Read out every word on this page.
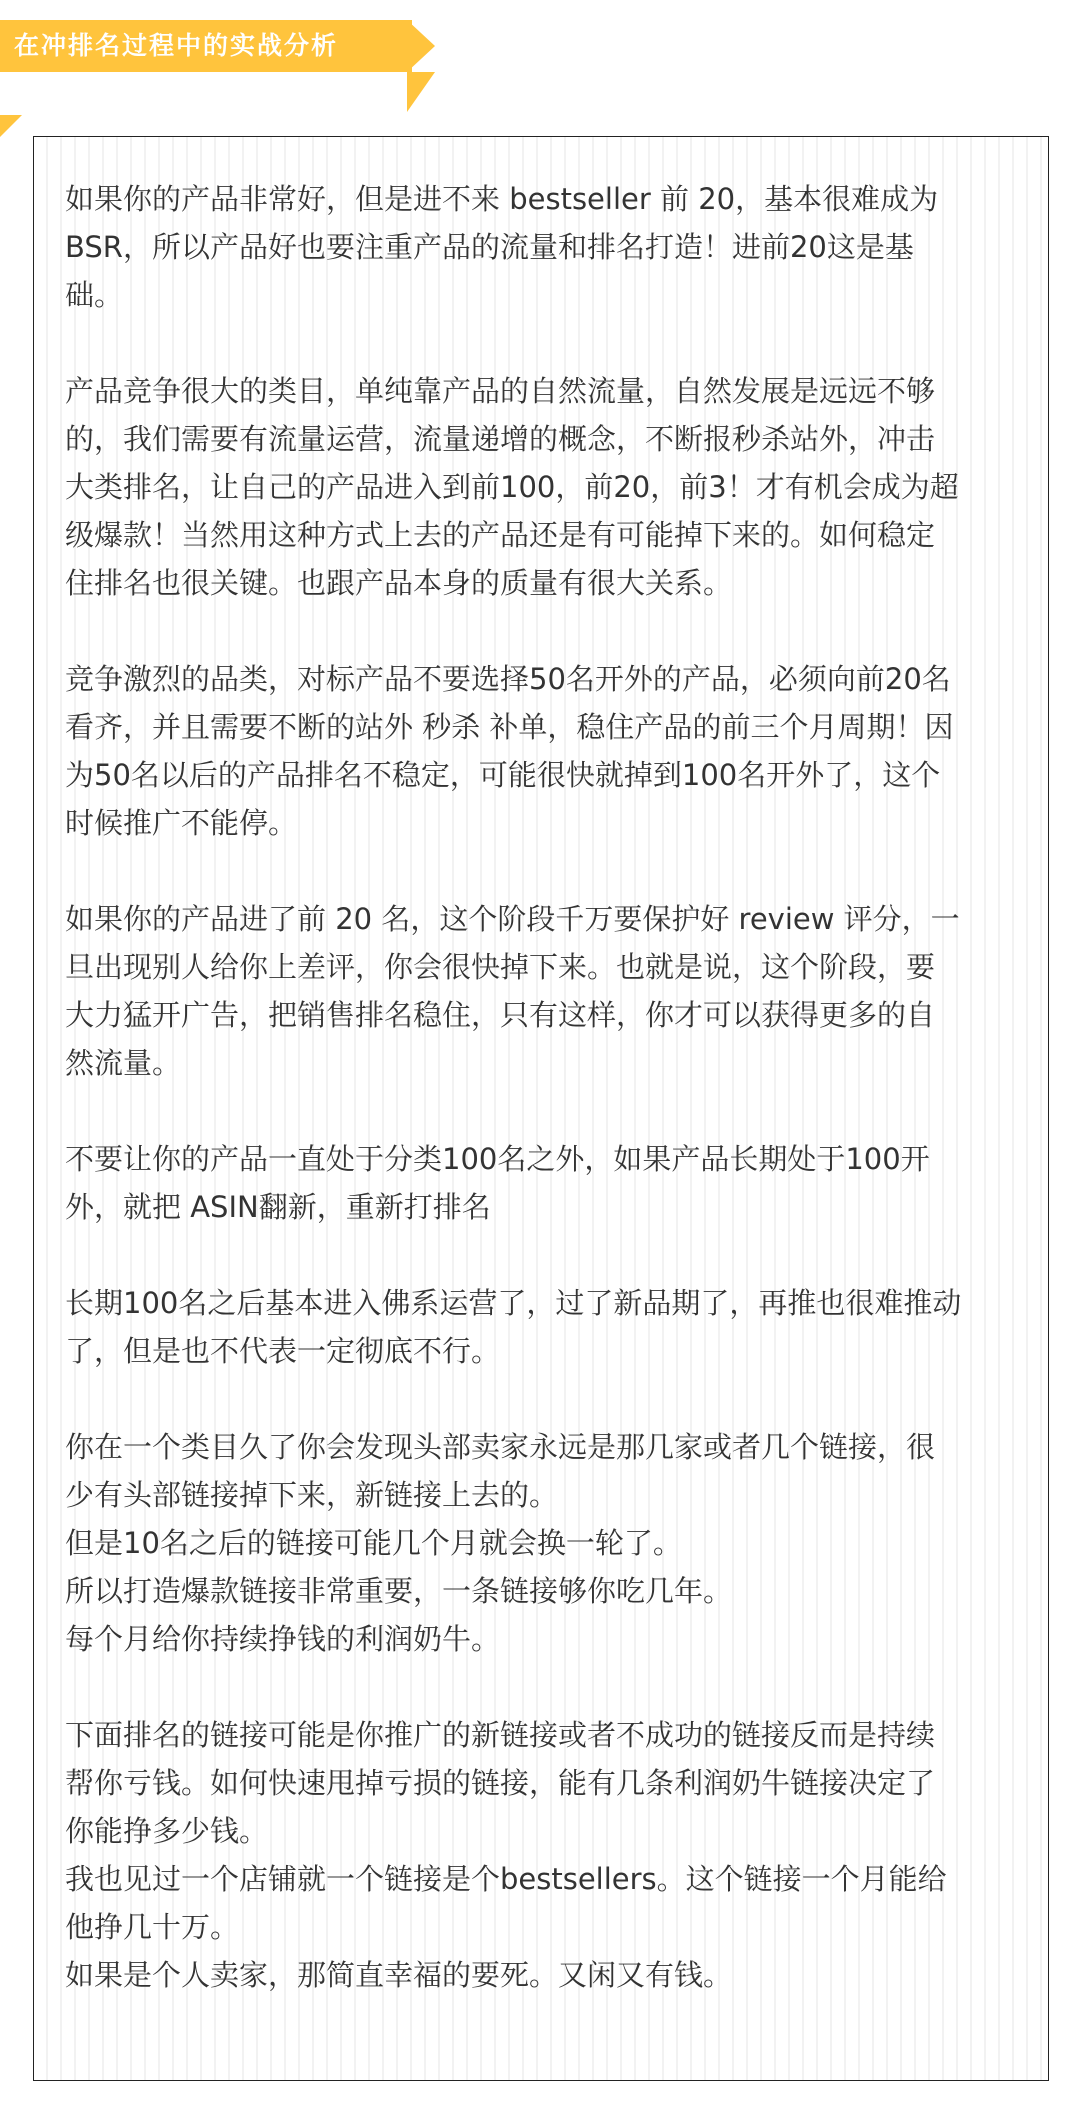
在冲排名过程中的实战分析

如果你的产品非常好，但是进不来 bestseller 前 20，基本很难成为
BSR，所以产品好也要注重产品的流量和排名打造！进前20这是基
础。

产品竞争很大的类目，单纯靠产品的自然流量，自然发展是远远不够
的，我们需要有流量运营，流量递增的概念，不断报秒杀站外，冲击
大类排名，让自己的产品进入到前100，前20，前3！才有机会成为超
级爆款！当然用这种方式上去的产品还是有可能掉下来的。如何稳定
住排名也很关键。也跟产品本身的质量有很大关系。

竞争激烈的品类，对标产品不要选择50名开外的产品，必须向前20名
看齐，并且需要不断的站外 秒杀 补单，稳住产品的前三个月周期！因
为50名以后的产品排名不稳定，可能很快就掉到100名开外了，这个
时候推广不能停。

如果你的产品进了前 20 名，这个阶段千万要保护好 review 评分，一
旦出现别人给你上差评，你会很快掉下来。也就是说，这个阶段，要
大力猛开广告，把销售排名稳住，只有这样，你才可以获得更多的自
然流量。

不要让你的产品一直处于分类100名之外，如果产品长期处于100开
外，就把 ASIN翻新，重新打排名

长期100名之后基本进入佛系运营了，过了新品期了，再推也很难推动
了，但是也不代表一定彻底不行。

你在一个类目久了你会发现头部卖家永远是那几家或者几个链接，很
少有头部链接掉下来，新链接上去的。
但是10名之后的链接可能几个月就会换一轮了。
所以打造爆款链接非常重要，一条链接够你吃几年。
每个月给你持续挣钱的利润奶牛。

下面排名的链接可能是你推广的新链接或者不成功的链接反而是持续
帮你亏钱。如何快速甩掉亏损的链接，能有几条利润奶牛链接决定了
你能挣多少钱。
我也见过一个店铺就一个链接是个bestsellers。这个链接一个月能给
他挣几十万。
如果是个人卖家，那简直幸福的要死。又闲又有钱。
